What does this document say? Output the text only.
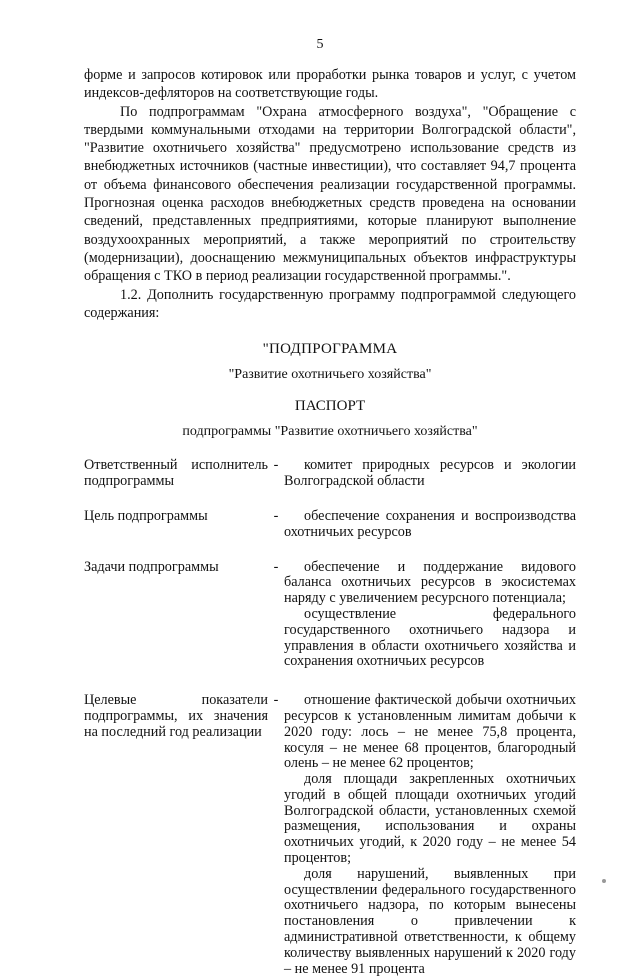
5

форме и запросов котировок или проработки рынка товаров и услуг, с учетом индексов-дефляторов на соответствующие годы.

По подпрограммам "Охрана атмосферного воздуха", "Обращение с твердыми коммунальными отходами на территории Волгоградской области", "Развитие охотничьего хозяйства" предусмотрено использование средств из внебюджетных источников (частные инвестиции), что составляет 94,7 процента от объема финансового обеспечения реализации государственной программы. Прогнозная оценка расходов внебюджетных средств проведена на основании сведений, представленных предприятиями, которые планируют выполнение воздухоохранных мероприятий, а также мероприятий по строительству (модернизации), дооснащению межмуниципальных объектов инфраструктуры обращения с ТКО в период реализации государственной программы.".

1.2. Дополнить государственную программу подпрограммой следующего содержания:

"ПОДПРОГРАММА

"Развитие охотничьего хозяйства"

ПАСПОРТ

подпрограммы "Развитие охотничьего хозяйства"

Ответственный исполнитель подпрограммы	-	комитет природных ресурсов и экологии Волгоградской области

Цель подпрограммы	-	обеспечение сохранения и воспроизводства охотничьих ресурсов

Задачи подпрограммы	-	обеспечение и поддержание видового баланса охотничьих ресурсов в экосистемах наряду с увеличением ресурсного потенциала;

осуществление федерального государственного охотничьего надзора и управления в области охотничьего хозяйства и сохранения охотничьих ресурсов

Целевые показатели подпрограммы, их значения на последний год реализации	-	отношение фактической добычи охотничьих ресурсов к установленным лимитам добычи к 2020 году: лось – не менее 75,8 процента, косуля – не менее 68 процентов, благородный олень – не менее 62 процентов;

доля площади закрепленных охотничьих угодий в общей площади охотничьих угодий Волгоградской области, установленных схемой размещения, использования и охраны охотничьих угодий, к 2020 году – не менее 54 процентов;

доля нарушений, выявленных при осуществлении федерального государственного охотничьего надзора, по которым вынесены постановления о привлечении к административной ответственности, к общему количеству выявленных нарушений к 2020 году – не менее 91 процента
